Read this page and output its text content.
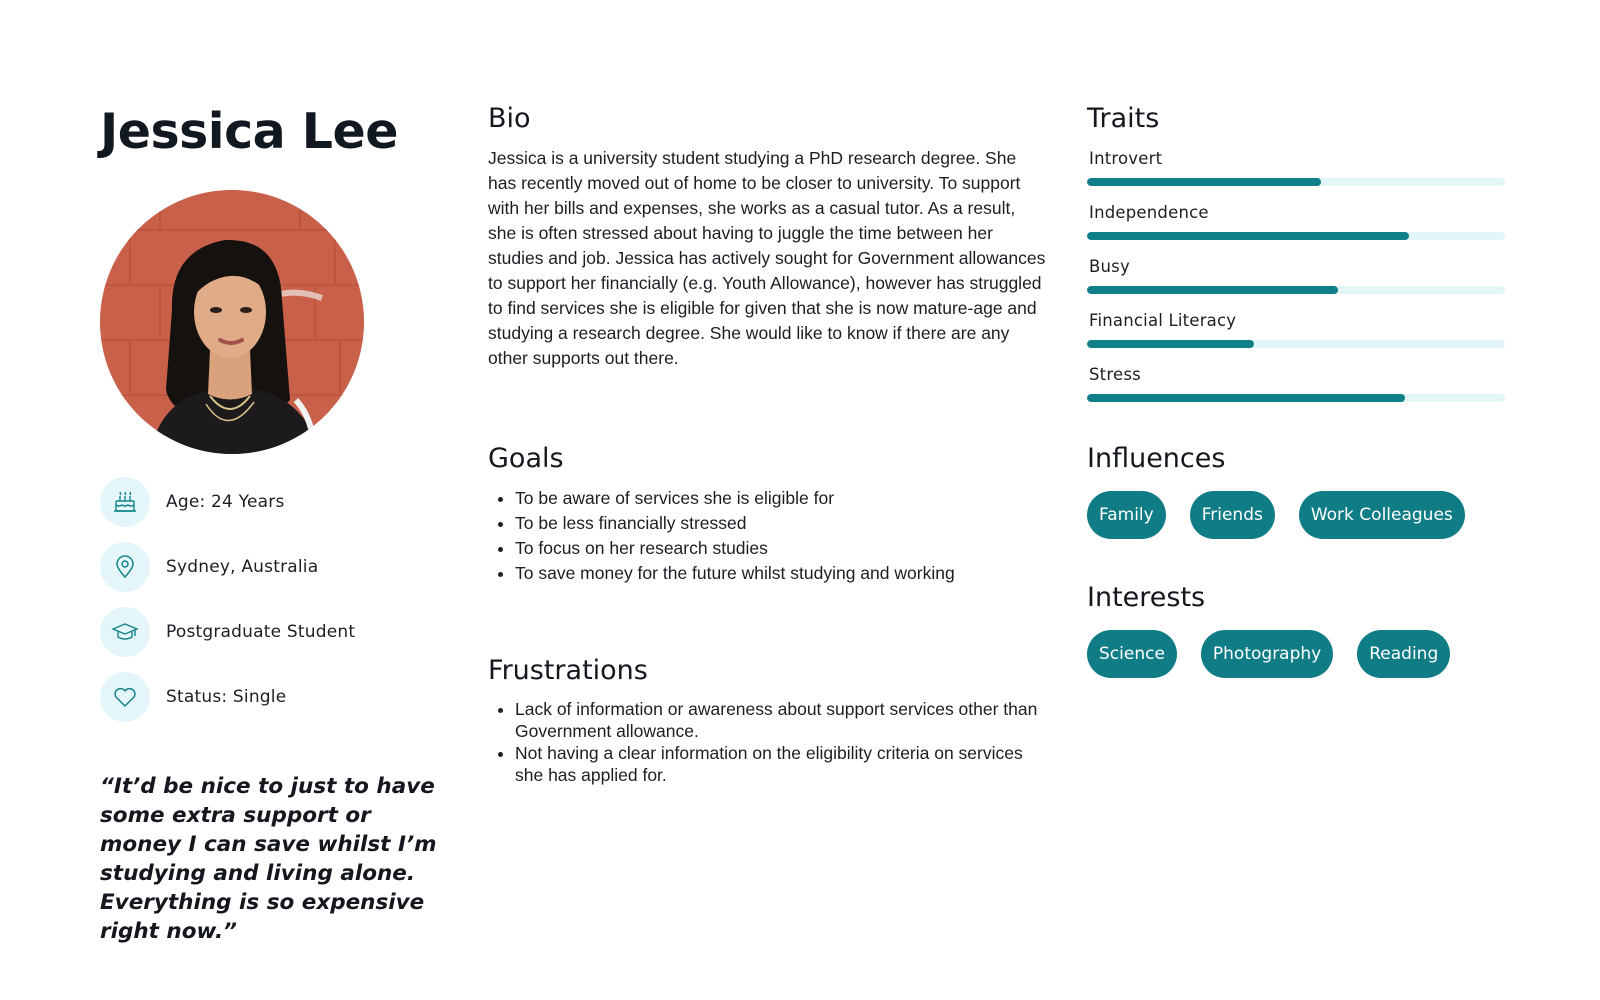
Jessica Lee
Age: 24 Years
Sydney, Australia
Postgraduate Student
Status: Single

“It’d be nice to just to have some extra support or money I can save whilst I’m studying and living alone. Everything is so expensive right now.”

Bio

Jessica is a university student studying a PhD research degree. She has recently moved out of home to be closer to university. To support with her bills and expenses, she works as a casual tutor. As a result, she is often stressed about having to juggle the time between her studies and job. Jessica has actively sought for Government allowances to support her financially (e.g. Youth Allowance), however has struggled to find services she is eligible for given that she is now mature-age and studying a research degree. She would like to know if there are any other supports out there.

Goals
• To be aware of services she is eligible for
• To be less financially stressed
• To focus on her research studies
• To save money for the future whilst studying and working
Frustrations
• Lack of information or awareness about support services other than Government allowance.
• Not having a clear information on the eligibility criteria on services she has applied for.
Traits
Introvert
Independence
Busy
Financial Literacy
Stress
Influences
Family	Friends	Work Colleagues
Interests
Science	Photography	Reading
